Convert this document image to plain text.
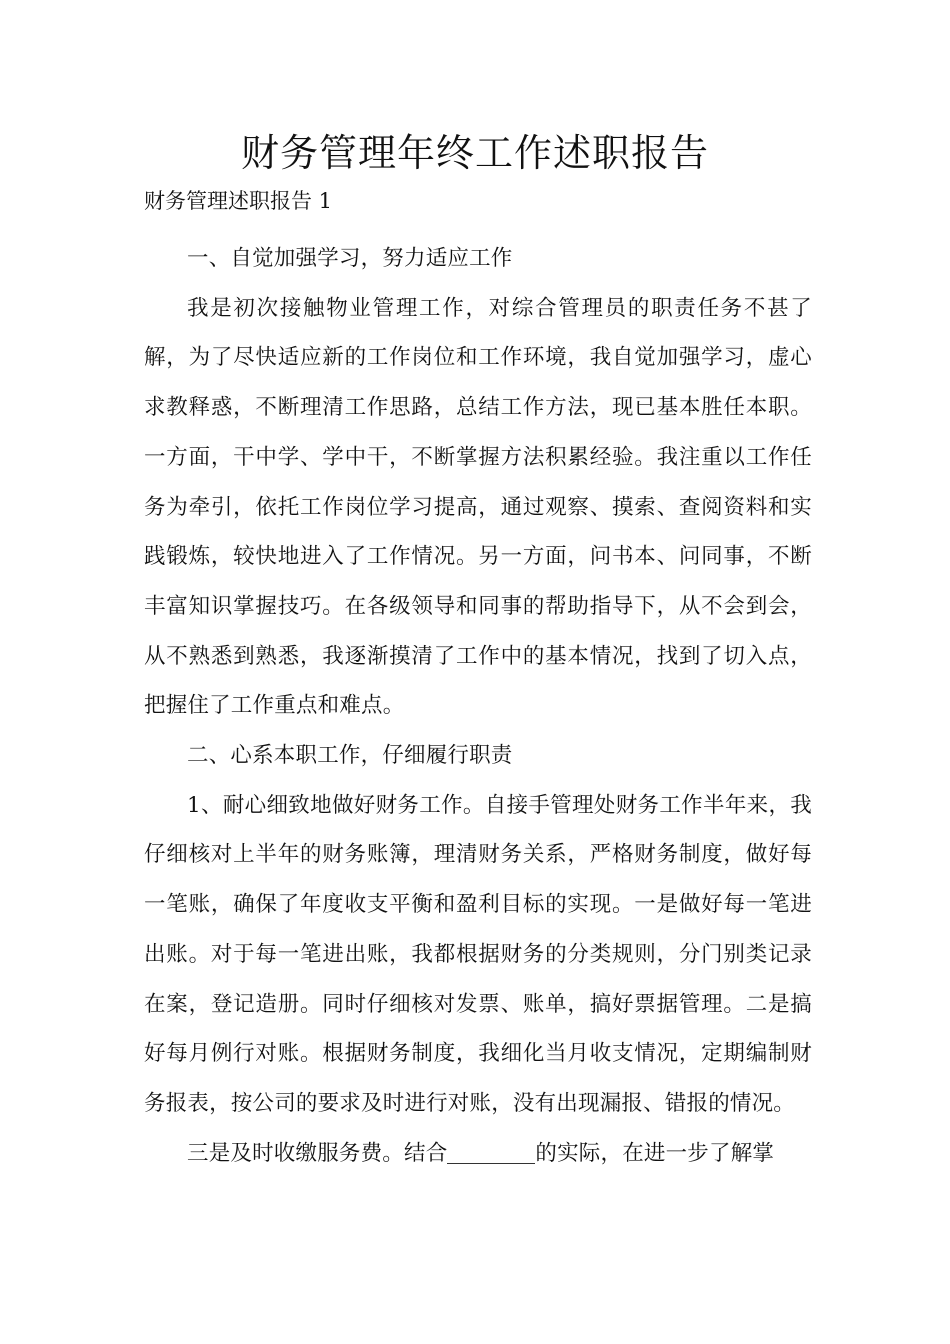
财务管理年终工作述职报告

财务管理述职报告 1

一、自觉加强学习，努力适应工作

我是初次接触物业管理工作，对综合管理员的职责任务不甚了解，为了尽快适应新的工作岗位和工作环境，我自觉加强学习，虚心求教释惑，不断理清工作思路，总结工作方法，现已基本胜任本职。一方面，干中学、学中干，不断掌握方法积累经验。我注重以工作任务为牵引，依托工作岗位学习提高，通过观察、摸索、查阅资料和实践锻炼，较快地进入了工作情况。另一方面，问书本、问同事，不断丰富知识掌握技巧。在各级领导和同事的帮助指导下，从不会到会，从不熟悉到熟悉，我逐渐摸清了工作中的基本情况，找到了切入点，把握住了工作重点和难点。

二、心系本职工作，仔细履行职责

1、耐心细致地做好财务工作。自接手管理处财务工作半年来，我仔细核对上半年的财务账簿，理清财务关系，严格财务制度，做好每一笔账，确保了年度收支平衡和盈利目标的实现。一是做好每一笔进出账。对于每一笔进出账，我都根据财务的分类规则，分门别类记录在案，登记造册。同时仔细核对发票、账单，搞好票据管理。二是搞好每月例行对账。根据财务制度，我细化当月收支情况，定期编制财务报表，按公司的要求及时进行对账，没有出现漏报、错报的情况。

三是及时收缴服务费。结合	的实际，在进一步了解掌
